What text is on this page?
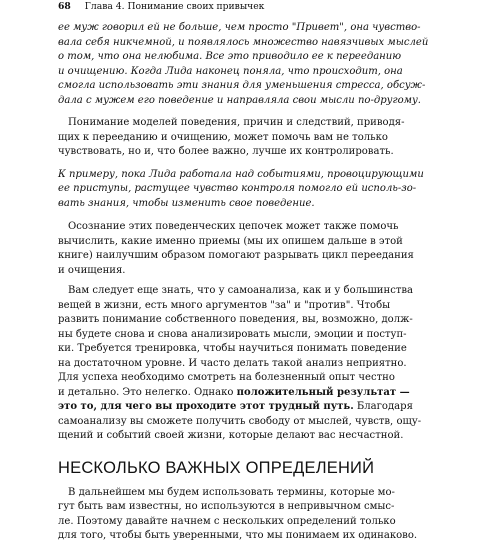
68 Глава 4. Понимание своих привычек

ее муж говорил ей не больше, чем просто "Привет", она чувство-
вала себя никчемной, и появлялось множество навязчивых мыслей
о том, что она нелюбима. Все это приводило ее к перееданию
и очищению. Когда Лида наконец поняла, что происходит, она
смогла использовать эти знания для уменьшения стресса, обсуж-
дала с мужем его поведение и направляла свои мысли по-другому.

Понимание моделей поведения, причин и следствий, приводя-
щих к перееданию и очищению, может помочь вам не только
чувствовать, но и, что более важно, лучше их контролировать.

К примеру, пока Лида работала над событиями, провоцирующими
ее приступы, растущее чувство контроля помогло ей исполь-зо-
вать знания, чтобы изменить свое поведение.

Осознание этих поведенческих цепочек может также помочь
вычислить, какие именно приемы (мы их опишем дальше в этой
книге) наилучшим образом помогают разрывать цикл переедания
и очищения.

Вам следует еще знать, что у самоанализа, как и у большинства
вещей в жизни, есть много аргументов "за" и "против". Чтобы
развить понимание собственного поведения, вы, возможно, долж-
ны будете снова и снова анализировать мысли, эмоции и поступ-
ки. Требуется тренировка, чтобы научиться понимать поведение
на достаточном уровне. И часто делать такой анализ неприятно.
Для успеха необходимо смотреть на болезненный опыт честно
и детально. Это нелегко. Однако положительный результат —
это то, для чего вы проходите этот трудный путь. Благодаря
самоанализу вы сможете получить свободу от мыслей, чувств, ощу-
щений и событий своей жизни, которые делают вас несчастной.

НЕСКОЛЬКО ВАЖНЫХ ОПРЕДЕЛЕНИЙ

В дальнейшем мы будем использовать термины, которые мо-
гут быть вам известны, но используются в непривычном смыс-
ле. Поэтому давайте начнем с нескольких определений только
для того, чтобы быть уверенными, что мы понимаем их одинаково.
